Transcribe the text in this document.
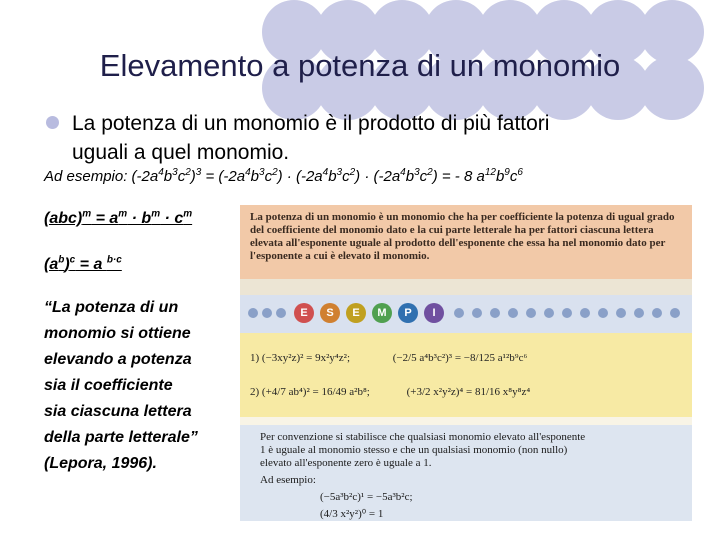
Elevamento a potenza di un monomio
La potenza di un monomio è il prodotto di più fattori
uguali a quel monomio.
Ad esempio: $(-2a^4b^3c^2)^3 = (-2a^4b^3c^2) \cdot (-2a^4b^3c^2) \cdot (-2a^4b^3c^2)$ = - 8 $a^{12}b^9c^6$
$(abc)^m = a^m \cdot b^m \cdot c^m$
$(a^b)^c = a$ $^{b\cdot c}$
“La potenza di un
monomio si ottiene
elevando a potenza
sia il coefficiente
sia ciascuna lettera
della parte letterale”
(Lepora, 1996).
La potenza di un monomio è un monomio che ha per coefficiente la potenza di ugual grado del coefficiente del monomio dato e la cui parte letterale ha per fattori ciascuna lettera elevata all'esponente uguale al prodotto dell'esponente che essa ha nel monomio dato per l'esponente a cui è elevato il monomio.
E	S	E	M	P	I
1) (−3xy²z)² = 9x²y⁴z²;	(−2/5 a⁴b³c²)³ = −8/125 a¹²b⁹c⁶
2) (+4/7 ab⁴)² = 16/49 a²b⁸;	(+3/2 x²y²z)⁴ = 81/16 x⁸y⁸z⁴
Per convenzione si stabilisce che qualsiasi monomio elevato all'esponente 1 è uguale al monomio stesso e che un qualsiasi monomio (non nullo) elevato all'esponente zero è uguale a 1.
Ad esempio:
(−5a³b²c)¹ = −5a³b²c;
(4/3 x²y²)⁰ = 1
